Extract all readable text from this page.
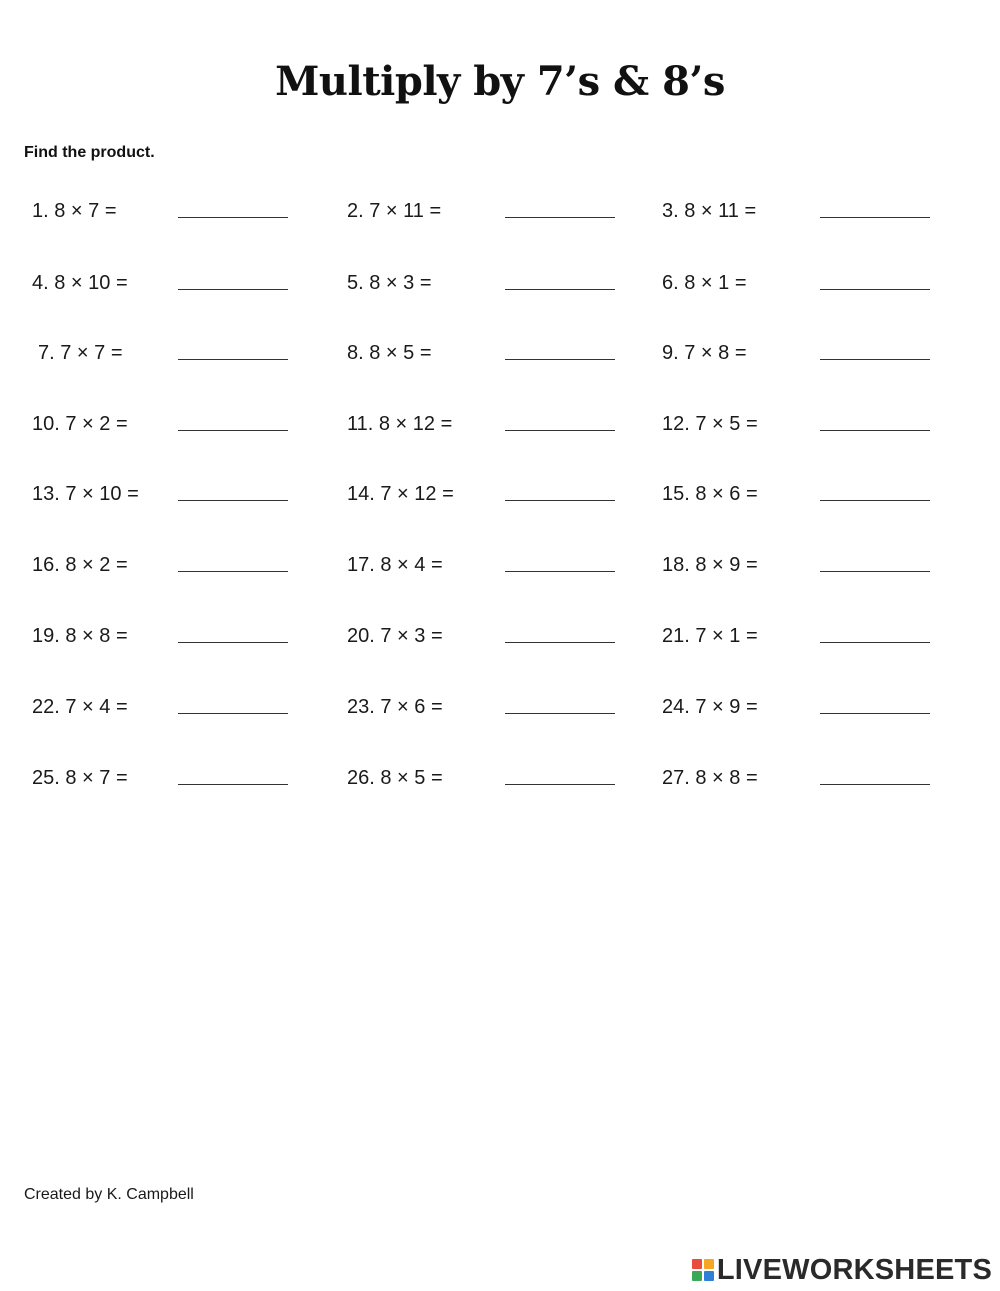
Multiply by 7’s & 8’s
Find the product.
1. 8 × 7 =	2. 7 × 11 =	3. 8 × 11 =
4. 8 × 10 =	5. 8 × 3 =	6. 8 × 1 =
7. 7 × 7 =	8. 8 × 5 =	9. 7 × 8 =
10. 7 × 2 =	11. 8 × 12 =	12. 7 × 5 =
13. 7 × 10 =	14. 7 × 12 =	15. 8 × 6 =
16. 8 × 2 =	17. 8 × 4 =	18. 8 × 9 =
19. 8 × 8 =	20. 7 × 3 =	21. 7 × 1 =
22. 7 × 4 =	23. 7 × 6 =	24. 7 × 9 =
25. 8 × 7 =	26. 8 × 5 =	27. 8 × 8 =
Created by K. Campbell
LIVEWORKSHEETS
